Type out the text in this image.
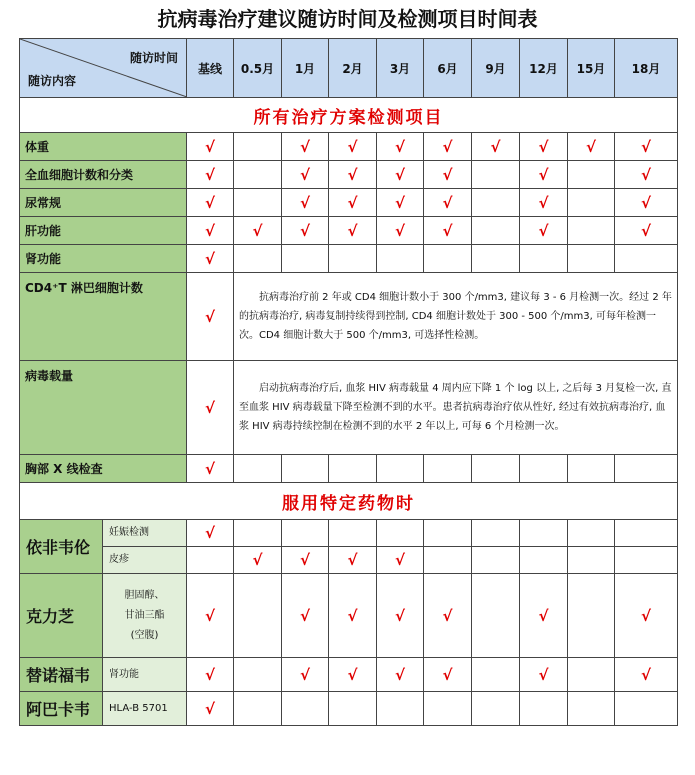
抗病毒治疗建议随访时间及检测项目时间表
随访时间
随访内容		基线	0.5月	1月	2月	3月	6月	9月	12月	15月	18月
所有治疗方案检测项目											
体重		√		√	√	√	√	√	√	√	√
全血细胞计数和分类		√		√	√	√	√		√		√
尿常规		√		√	√	√	√		√		√
肝功能		√	√	√	√	√	√		√		√
肾功能		√									
CD4⁺T 淋巴细胞计数		√	抗病毒治疗前 2 年或 CD4 细胞计数小于 300 个/mm3, 建议每 3 - 6 月检测一次。经过 2 年的抗病毒治疗, 病毒复制持续得到控制, CD4 细胞计数处于 300 - 500 个/mm3, 可每年检测一次。CD4 细胞计数大于 500 个/mm3, 可选择性检测。								
病毒载量		√	启动抗病毒治疗后, 血浆 HIV 病毒载量 4 周内应下降 1 个 log 以上, 之后每 3 月复检一次, 直至血浆 HIV 病毒载量下降至检测不到的水平。患者抗病毒治疗依从性好, 经过有效抗病毒治疗, 血浆 HIV 病毒持续控制在检测不到的水平 2 年以上, 可每 6 个月检测一次。								
胸部 X 线检查		√									
服用特定药物时											
依非韦伦	妊娠检测	√									
	皮疹		√	√	√	√					
克力芝	胆固醇、
甘油三酯
(空腹)	√		√	√	√	√		√		√
替诺福韦	肾功能	√		√	√	√	√		√		√
阿巴卡韦	HLA-B 5701	√									
